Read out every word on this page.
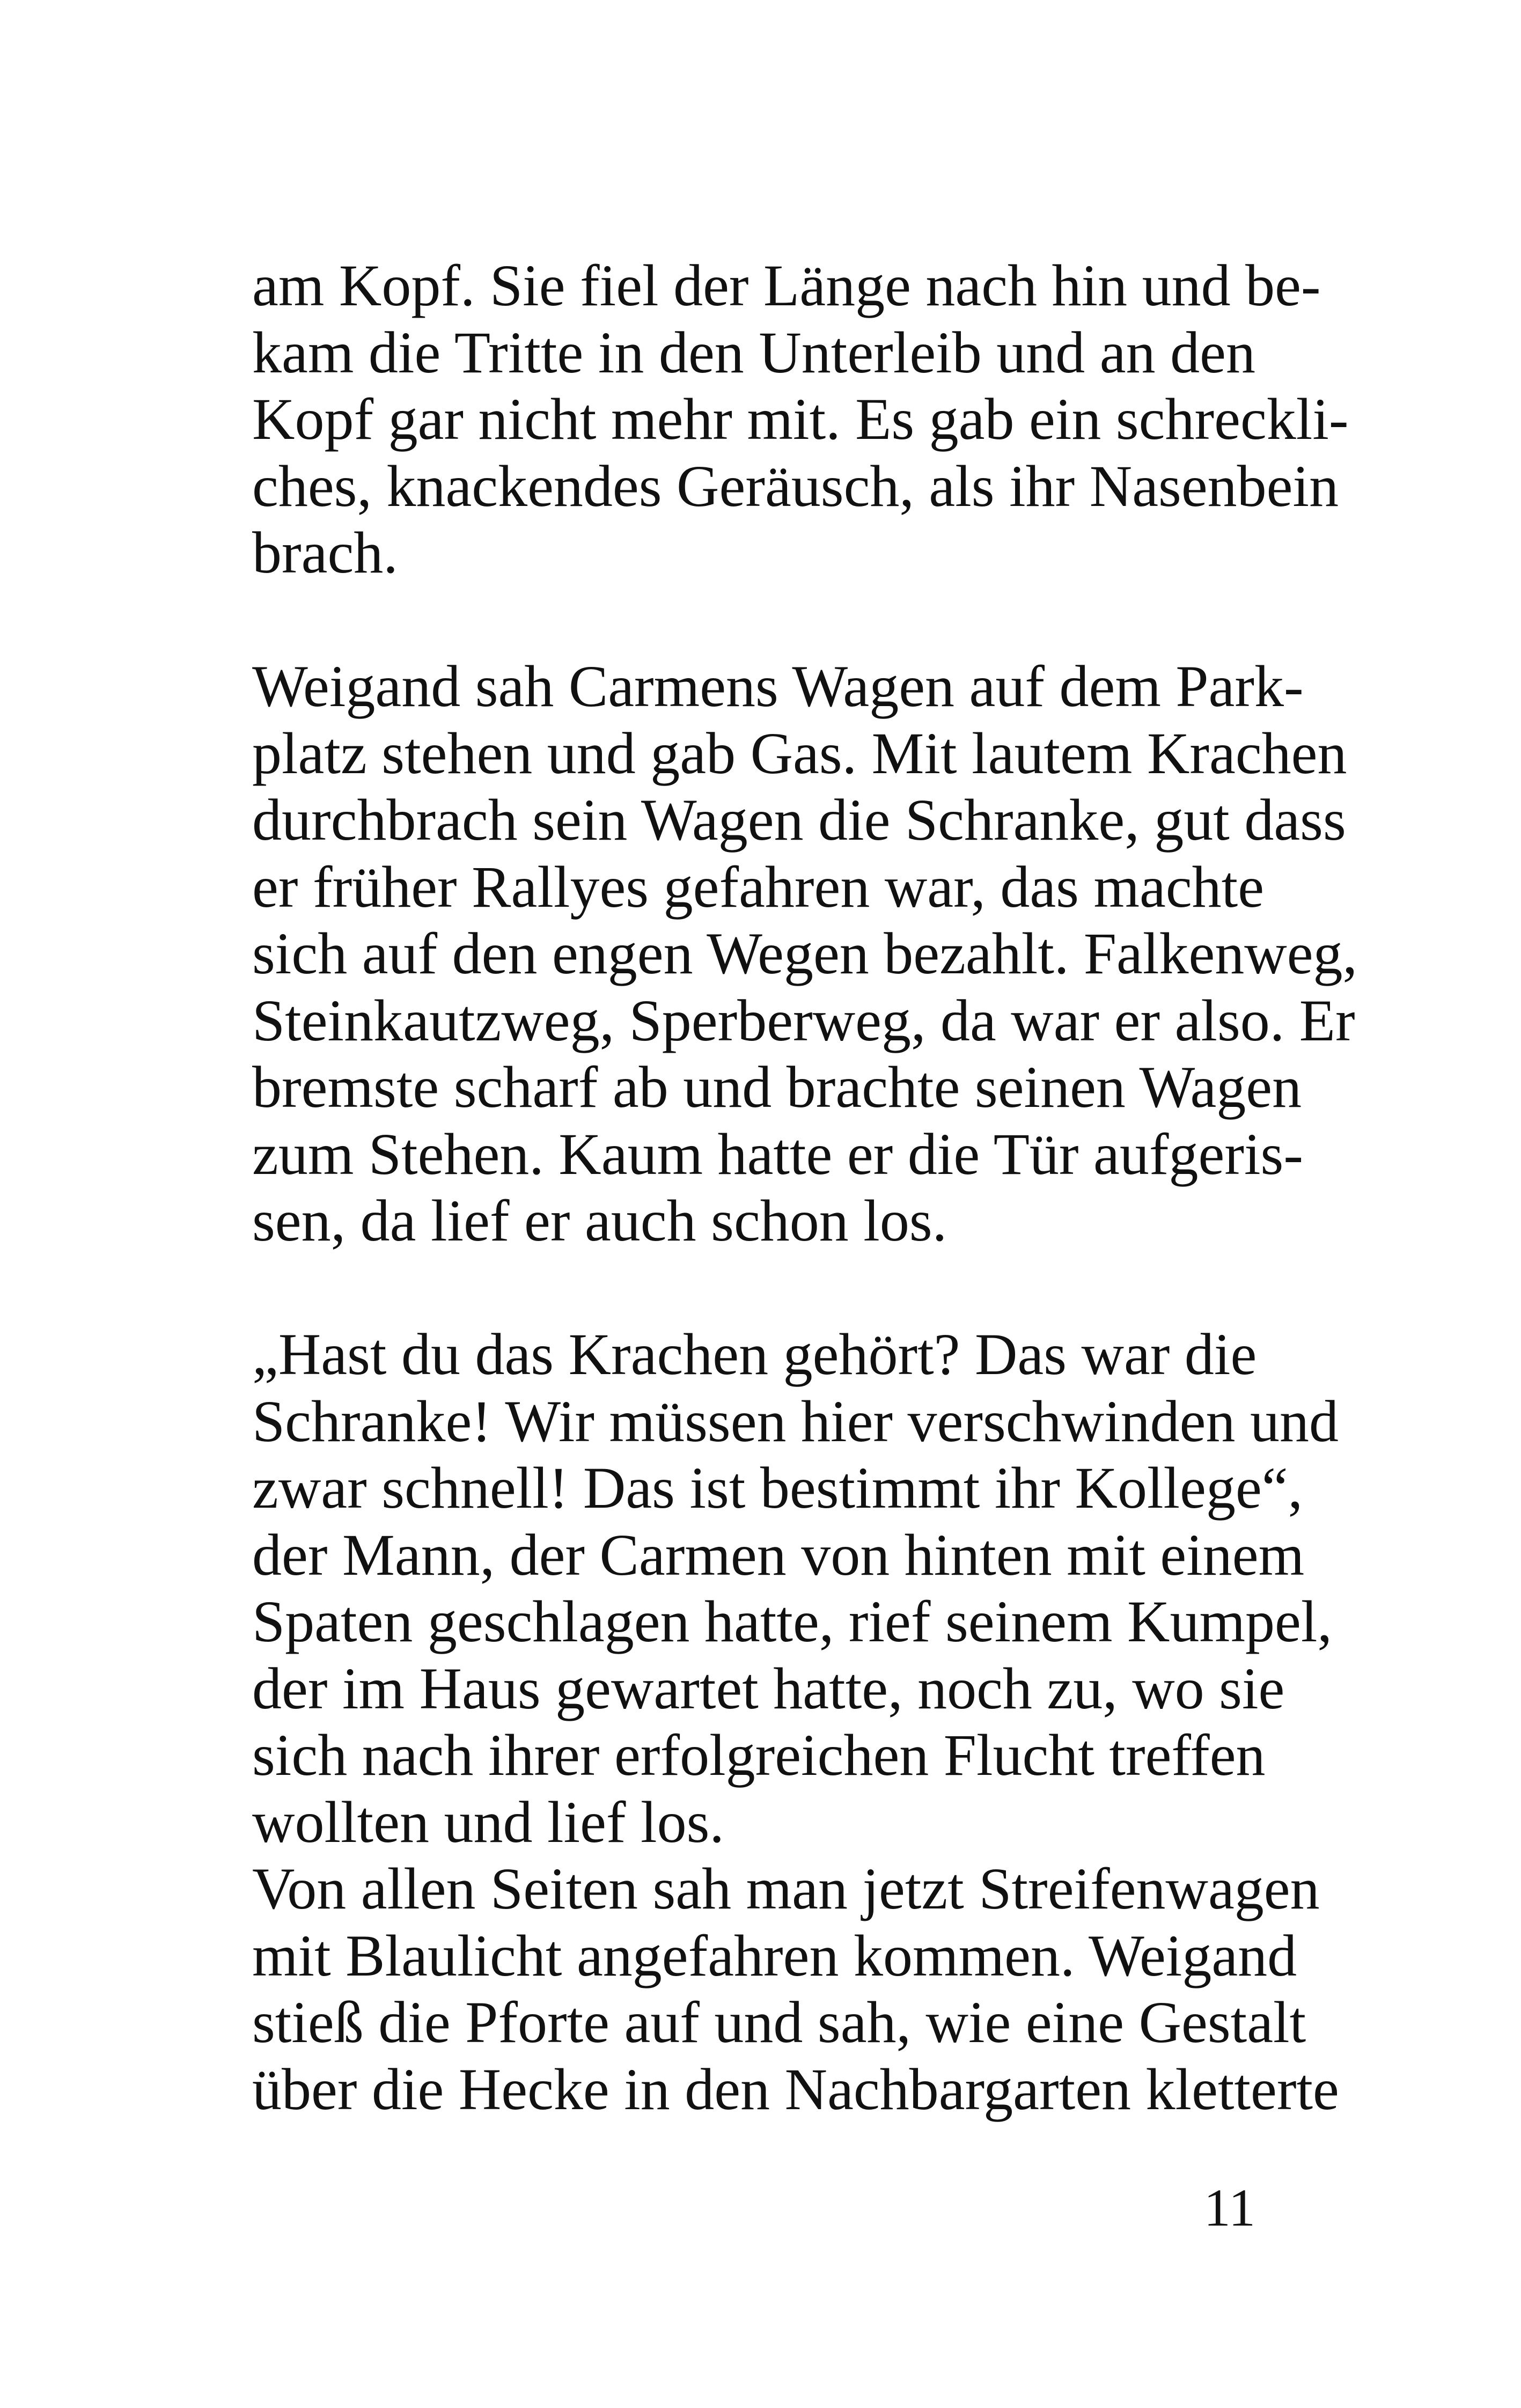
am Kopf. Sie fiel der Länge nach hin und be-
kam die Tritte in den Unterleib und an den
Kopf gar nicht mehr mit. Es gab ein schreckli-
ches, knackendes Geräusch, als ihr Nasenbein
brach.
Weigand sah Carmens Wagen auf dem Park-
platz stehen und gab Gas. Mit lautem Krachen
durchbrach sein Wagen die Schranke, gut dass
er früher Rallyes gefahren war, das machte
sich auf den engen Wegen bezahlt. Falkenweg,
Steinkautzweg, Sperberweg, da war er also. Er
bremste scharf ab und brachte seinen Wagen
zum Stehen. Kaum hatte er die Tür aufgeris-
sen, da lief er auch schon los.
„Hast du das Krachen gehört? Das war die
Schranke! Wir müssen hier verschwinden und
zwar schnell! Das ist bestimmt ihr Kollege“,
der Mann, der Carmen von hinten mit einem
Spaten geschlagen hatte, rief seinem Kumpel,
der im Haus gewartet hatte, noch zu, wo sie
sich nach ihrer erfolgreichen Flucht treffen
wollten und lief los.
Von allen Seiten sah man jetzt Streifenwagen
mit Blaulicht angefahren kommen. Weigand
stieß die Pforte auf und sah, wie eine Gestalt
über die Hecke in den Nachbargarten kletterte
11
